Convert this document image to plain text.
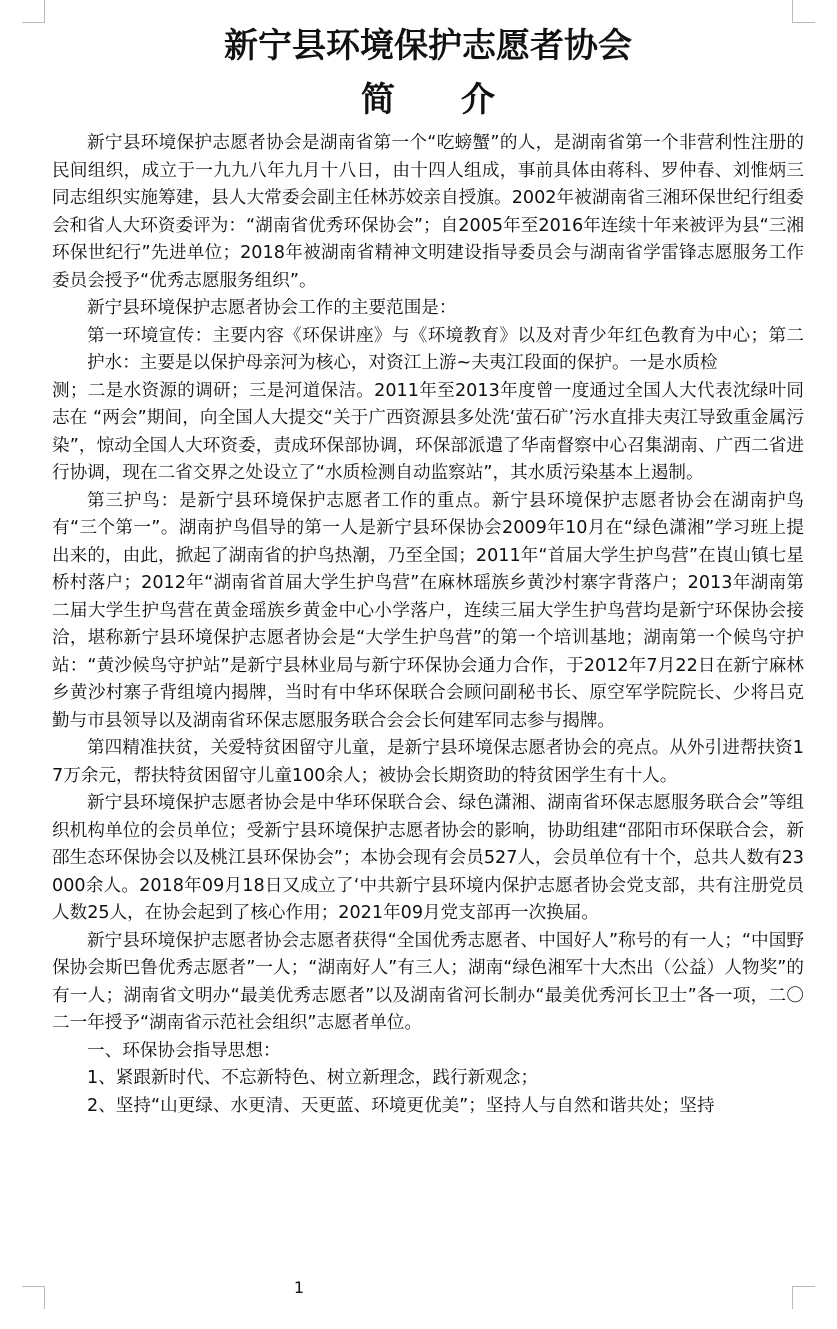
新宁县环境保护志愿者协会
简介

新宁县环境保护志愿者协会是湖南省第一个“吃螃蟹”的人，是湖南省第一个非营利性注册的民间组织，成立于一九九八年九月十八日，由十四人组成，事前具体由蒋科、罗仲春、刘惟炳三同志组织实施筹建，县人大常委会副主任林苏姣亲自授旗。2002年被湖南省三湘环保世纪行组委会和省人大环资委评为：“湖南省优秀环保协会”；自2005年至2016年连续十年来被评为县“三湘环保世纪行”先进单位；2018年被湖南省精神文明建设指导委员会与湖南省学雷锋志愿服务工作委员会授予“优秀志愿服务组织”。

新宁县环境保护志愿者协会工作的主要范围是：

第一环境宣传：主要内容《环保讲座》与《环境教育》以及对青少年红色教育为中心；第二护水：主要是以保护母亲河为核心，对资江上游~夫夷江段面的保护。一是水质检

测；二是水资源的调研；三是河道保洁。2011年至2013年度曾一度通过全国人大代表沈绿叶同志在 “两会”期间，向全国人大提交“关于广西资源县多处洗‘萤石矿’污水直排夫夷江导致重金属污染”，惊动全国人大环资委，责成环保部协调，环保部派遣了华南督察中心召集湖南、广西二省进行协调，现在二省交界之处设立了“水质检测自动监察站”，其水质污染基本上遏制。

第三护鸟：是新宁县环境保护志愿者工作的重点。新宁县环境保护志愿者协会在湖南护鸟有“三个第一”。湖南护鸟倡导的第一人是新宁县环保协会2009年10月在“绿色潇湘”学习班上提出来的，由此，掀起了湖南省的护鸟热潮，乃至全国；2011年“首届大学生护鸟营”在崀山镇七星桥村落户；2012年“湖南省首届大学生护鸟营”在麻林瑶族乡黄沙村寨字背落户；2013年湖南第二届大学生护鸟营在黄金瑶族乡黄金中心小学落户，连续三届大学生护鸟营均是新宁环保协会接洽，堪称新宁县环境保护志愿者协会是“大学生护鸟营”的第一个培训基地；湖南第一个候鸟守护站：“黄沙候鸟守护站”是新宁县林业局与新宁环保协会通力合作，于2012年7月22日在新宁麻林乡黄沙村寨子背组境内揭牌，当时有中华环保联合会顾问副秘书长、原空军学院院长、少将吕克勤与市县领导以及湖南省环保志愿服务联合会会长何建军同志参与揭牌。

第四精准扶贫，关爱特贫困留守儿童，是新宁县环境保志愿者协会的亮点。从外引进帮扶资17万余元，帮扶特贫困留守儿童100余人；被协会长期资助的特贫困学生有十人。

新宁县环境保护志愿者协会是中华环保联合会、绿色潇湘、湖南省环保志愿服务联合会”等组织机构单位的会员单位；受新宁县环境保护志愿者协会的影响，协助组建“邵阳市环保联合会，新邵生态环保协会以及桃江县环保协会”；本协会现有会员527人，会员单位有十个，总共人数有23000余人。2018年09月18日又成立了‘中共新宁县环境内保护志愿者协会党支部，共有注册党员人数25人，在协会起到了核心作用；2021年09月党支部再一次换届。

新宁县环境保护志愿者协会志愿者获得“全国优秀志愿者、中国好人”称号的有一人；“中国野保协会斯巴鲁优秀志愿者”一人；“湖南好人”有三人；湖南“绿色湘军十大杰出（公益）人物奖”的有一人；湖南省文明办“最美优秀志愿者”以及湖南省河长制办“最美优秀河长卫士”各一项，二〇二一年授予“湖南省示范社会组织”志愿者单位。

一、环保协会指导思想：

1、紧跟新时代、不忘新特色、树立新理念，践行新观念；

2、坚持“山更绿、水更清、天更蓝、环境更优美”；坚持人与自然和谐共处；坚持

1
